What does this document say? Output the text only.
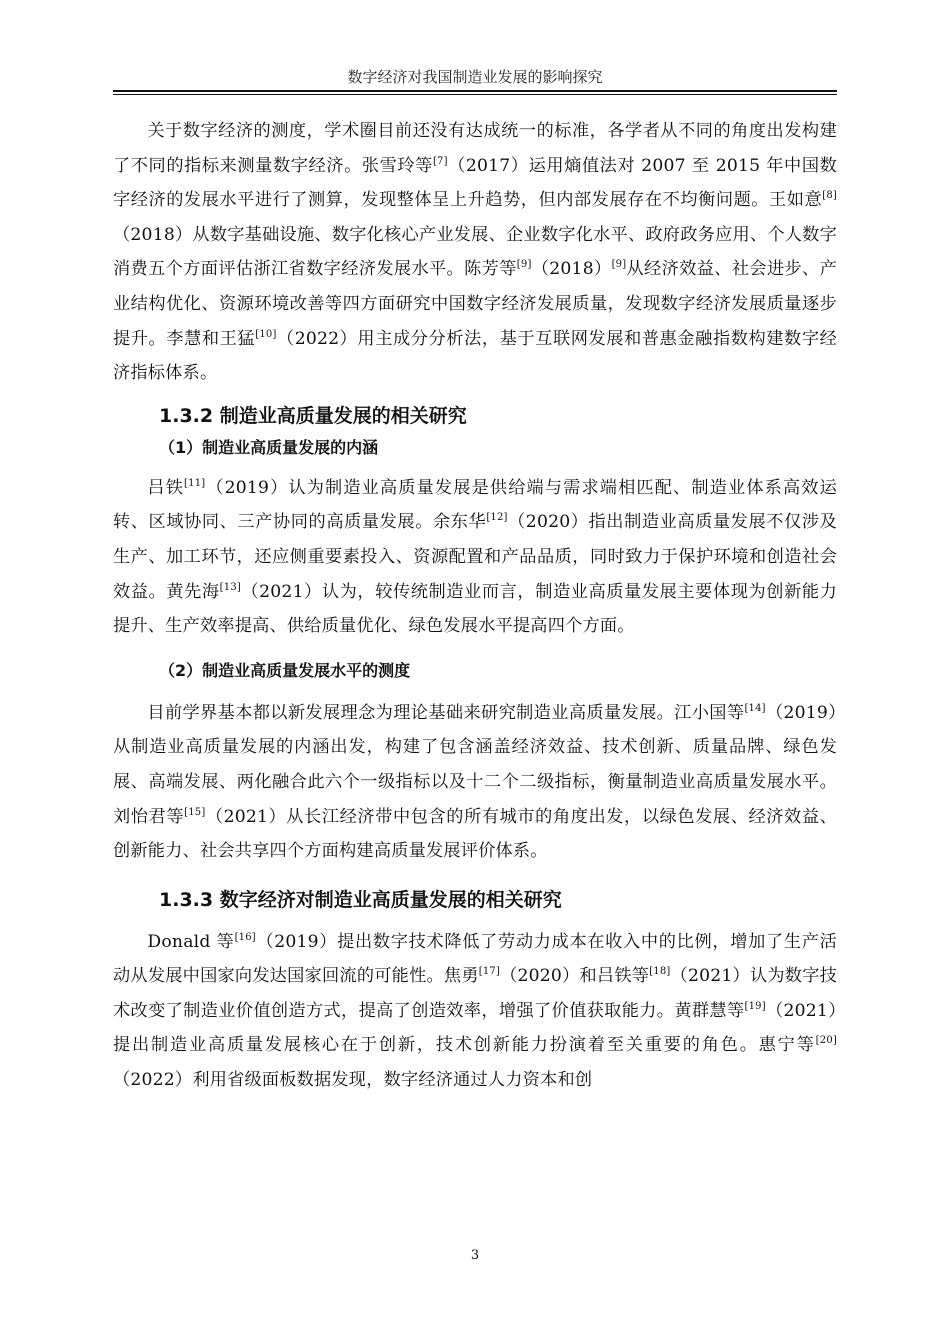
数字经济对我国制造业发展的影响探究

关于数字经济的测度，学术圈目前还没有达成统一的标准，各学者从不同的角度出发构建了不同的指标来测量数字经济。张雪玲等[7]（2017）运用熵值法对 2007 至 2015 年中国数字经济的发展水平进行了测算，发现整体呈上升趋势，但内部发展存在不均衡问题。王如意[8]（2018）从数字基础设施、数字化核心产业发展、企业数字化水平、政府政务应用、个人数字消费五个方面评估浙江省数字经济发展水平。陈芳等[9]（2018）[9]从经济效益、社会进步、产业结构优化、资源环境改善等四方面研究中国数字经济发展质量，发现数字经济发展质量逐步提升。李慧和王猛[10]（2022）用主成分分析法，基于互联网发展和普惠金融指数构建数字经济指标体系。

1.3.2 制造业高质量发展的相关研究
（1）制造业高质量发展的内涵

吕铁[11]（2019）认为制造业高质量发展是供给端与需求端相匹配、制造业体系高效运转、区域协同、三产协同的高质量发展。余东华[12]（2020）指出制造业高质量发展不仅涉及生产、加工环节，还应侧重要素投入、资源配置和产品品质，同时致力于保护环境和创造社会效益。黄先海[13]（2021）认为，较传统制造业而言，制造业高质量发展主要体现为创新能力提升、生产效率提高、供给质量优化、绿色发展水平提高四个方面。

（2）制造业高质量发展水平的测度

目前学界基本都以新发展理念为理论基础来研究制造业高质量发展。江小国等[14]（2019）从制造业高质量发展的内涵出发，构建了包含涵盖经济效益、技术创新、质量品牌、绿色发展、高端发展、两化融合此六个一级指标以及十二个二级指标，衡量制造业高质量发展水平。刘怡君等[15]（2021）从长江经济带中包含的所有城市的角度出发，以绿色发展、经济效益、创新能力、社会共享四个方面构建高质量发展评价体系。

1.3.3 数字经济对制造业高质量发展的相关研究

Donald 等[16]（2019）提出数字技术降低了劳动力成本在收入中的比例，增加了生产活动从发展中国家向发达国家回流的可能性。焦勇[17]（2020）和吕铁等[18]（2021）认为数字技术改变了制造业价值创造方式，提高了创造效率，增强了价值获取能力。黄群慧等[19]（2021）提出制造业高质量发展核心在于创新，技术创新能力扮演着至关重要的角色。惠宁等[20]（2022）利用省级面板数据发现，数字经济通过人力资本和创

3
